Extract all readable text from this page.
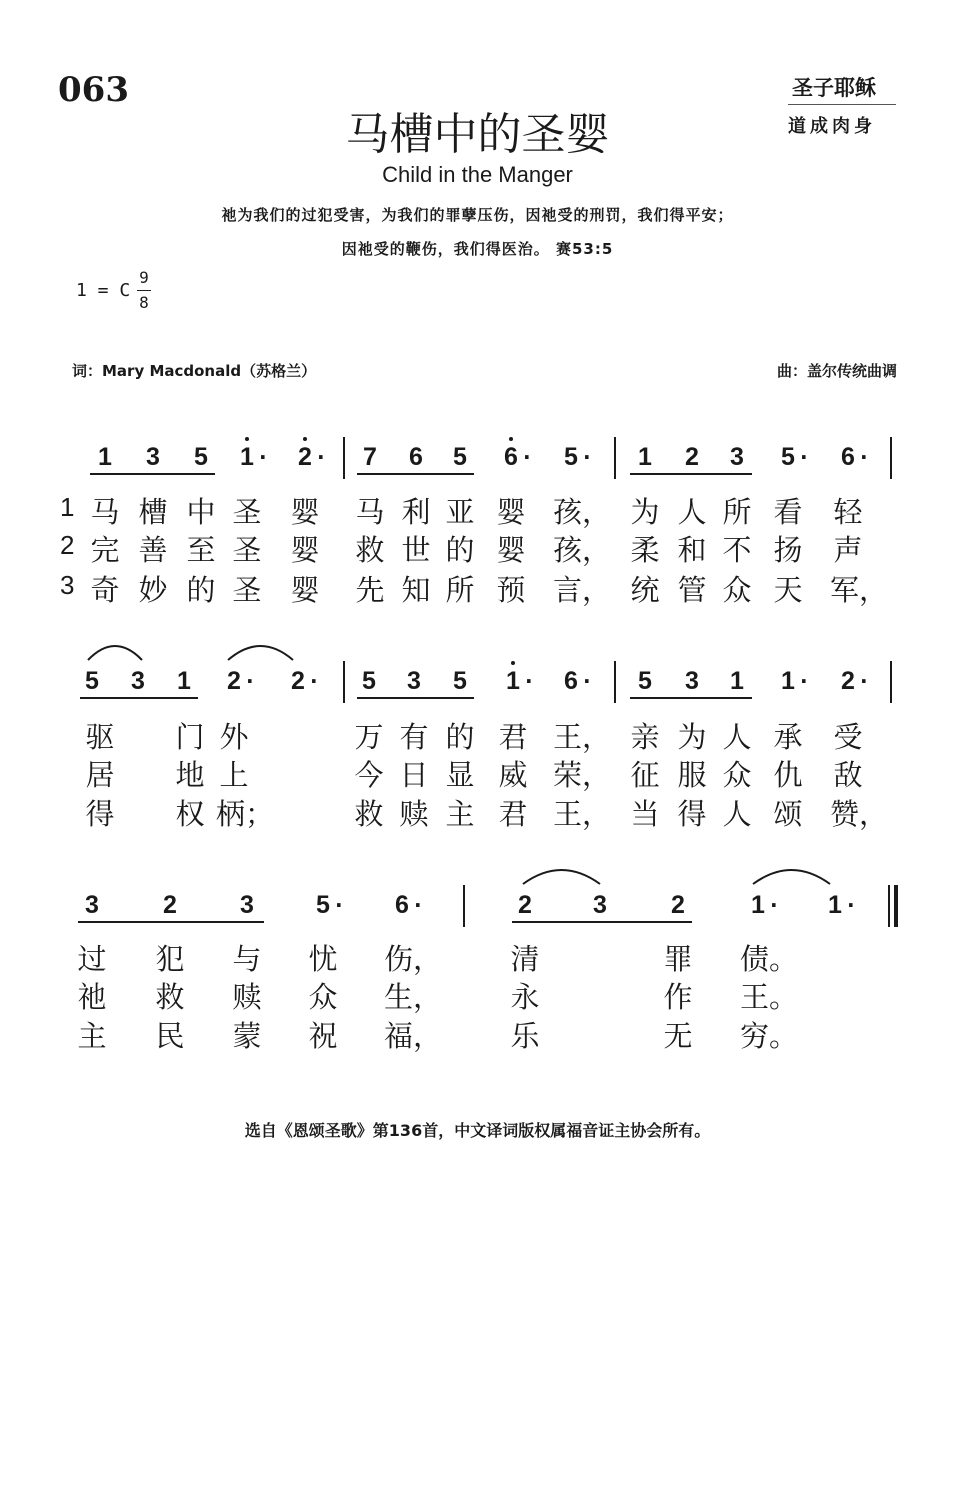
063	圣子耶稣
道成肉身
马槽中的圣婴
Child in the Manger
祂为我们的过犯受害，为我们的罪孽压伤，因祂受的刑罚，我们得平安；
因祂受的鞭伤，我们得医治。 赛53:5
1 = C
9
8
词：Mary Macdonald（苏格兰）	曲：盖尔传统曲调
1	3	5	1 ·	2 ·	7	6	5	6 ·	5 ·	1	2	3	5 ·	6 ·
1
2
3
马 槽 中 圣 婴 马 利 亚 婴 孩， 为 人 所 看 轻
完 善 至 圣 婴 救 世 的 婴 孩， 柔 和 不 扬 声
奇 妙 的 圣 婴 先 知 所 预 言， 统 管 众 天 军，
5	3	1	2 ·	2 ·	5	3	5	1 ·	6 ·	5	3	1	1 ·	2 ·
驱 门 外	万 有 的 君 王， 亲 为 人 承 受
居 地 上	今 日 显 威 荣， 征 服 众 仇 敌
得 权 柄；	救 赎 主 君 王， 当 得 人 颂 赞，
3	2	3	5 ·	6 ·	2	3	2	1 ·	1 ·
过 犯 与 忧 伤， 清	罪 债。
祂 救 赎 众 生， 永	作 王。
主 民 蒙 祝 福， 乐	无 穷。
选自《恩颂圣歌》第136首，中文译词版权属福音证主协会所有。
